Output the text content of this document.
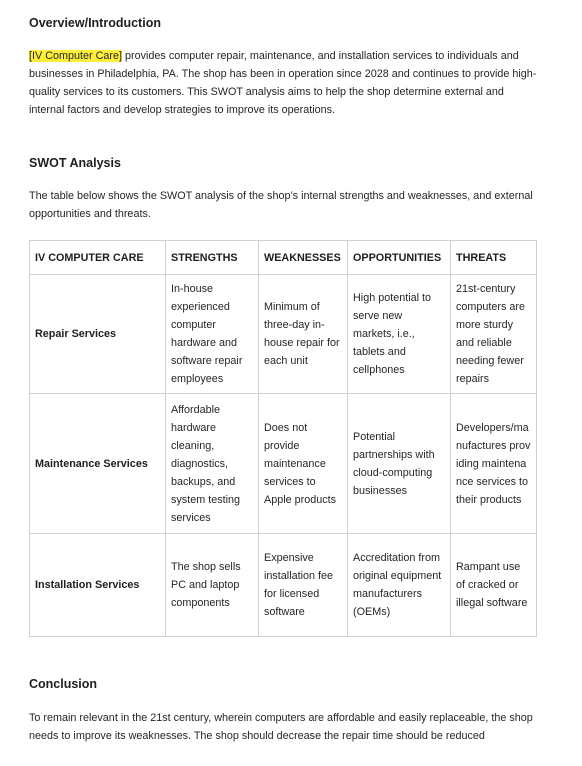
Overview/Introduction

[IV Computer Care] provides computer repair, maintenance, and installation services to individuals and businesses in Philadelphia, PA. The shop has been in operation since 2028 and continues to provide high-quality services to its customers. This SWOT analysis aims to help the shop determine external and internal factors and develop strategies to improve its operations.

SWOT Analysis

The table below shows the SWOT analysis of the shop’s internal strengths and weaknesses, and external opportunities and threats.

IV COMPUTER CARE	STRENGTHS	WEAKNESSES	OPPORTUNITIES	THREATS
Repair Services	In-house experienced computer hardware and software repair employees	Minimum of three-day in-house repair for each unit	High potential to serve new markets, i.e., tablets and cellphones	21st-century computers are more sturdy and reliable needing fewer repairs
Maintenance Services	Affordable hardware cleaning, diagnostics, backups, and system testing services	Does not provide maintenance services to Apple products	Potential partnerships with cloud-computing businesses	Developers/manufactures providing maintenance services to their products
Installation Services	The shop sells PC and laptop components	Expensive installation fee for licensed software	Accreditation from original equipment manufacturers (OEMs)	Rampant use of cracked or illegal software

Conclusion

To remain relevant in the 21st century, wherein computers are affordable and easily replaceable, the shop needs to improve its weaknesses. The shop should decrease the repair time should be reduced
